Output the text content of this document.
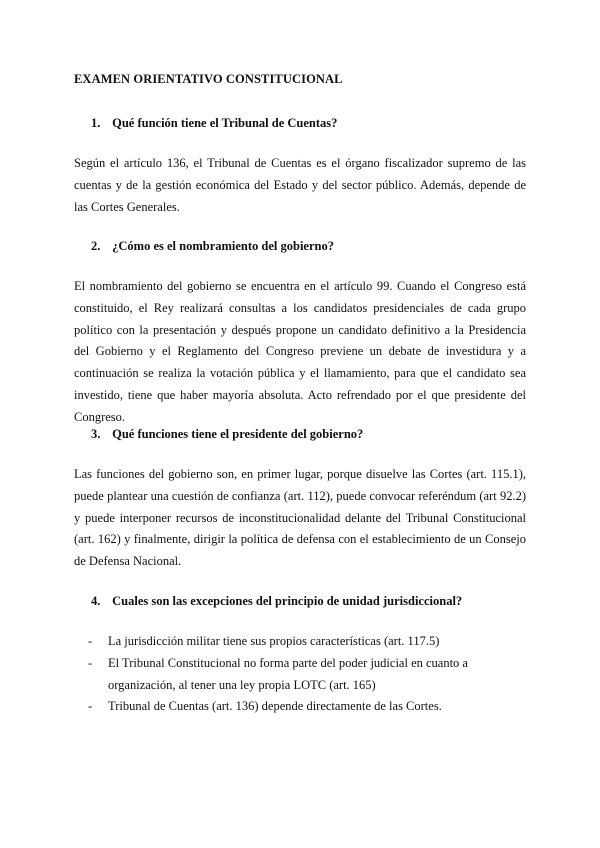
EXAMEN ORIENTATIVO CONSTITUCIONAL
1. Qué función tiene el Tribunal de Cuentas?

Según el artículo 136, el Tribunal de Cuentas es el órgano fiscalizador supremo de las cuentas y de la gestión económica del Estado y del sector público. Además, depende de las Cortes Generales.

2. ¿Cómo es el nombramiento del gobierno?

El nombramiento del gobierno se encuentra en el artículo 99. Cuando el Congreso está constituido, el Rey realizará consultas a los candidatos presidenciales de cada grupo político con la presentación y después propone un candidato definitivo a la Presidencia del Gobierno y el Reglamento del Congreso previene un debate de investidura y a continuación se realiza la votación pública y el llamamiento, para que el candidato sea investido, tiene que haber mayoría absoluta. Acto refrendado por el que presidente del Congreso.

3. Qué funciones tiene el presidente del gobierno?

Las funciones del gobierno son, en primer lugar, porque disuelve las Cortes (art. 115.1), puede plantear una cuestión de confianza (art. 112), puede convocar referéndum (art 92.2) y puede interponer recursos de inconstitucionalidad delante del Tribunal Constitucional (art. 162) y finalmente, dirigir la política de defensa con el establecimiento de un Consejo de Defensa Nacional.

4. Cuales son las excepciones del principio de unidad jurisdiccional?
- La jurisdicción militar tiene sus propios características (art. 117.5)
- El Tribunal Constitucional no forma parte del poder judicial en cuanto a organización, al tener una ley propia LOTC (art. 165)
- Tribunal de Cuentas (art. 136) depende directamente de las Cortes.
